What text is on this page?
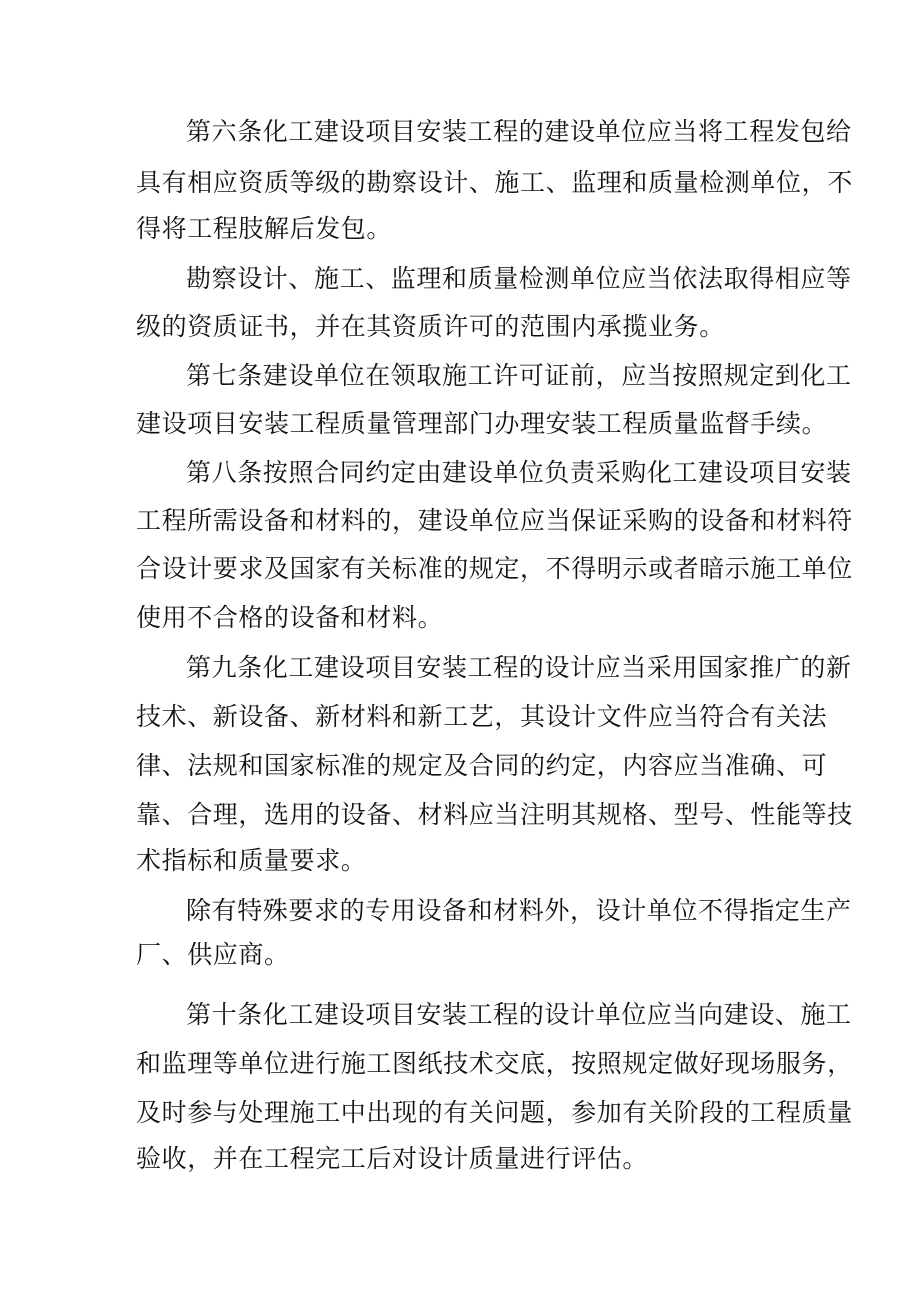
第六条化工建设项目安装工程的建设单位应当将工程发包给

具有相应资质等级的勘察设计、施工、监理和质量检测单位，不

得将工程肢解后发包。

勘察设计、施工、监理和质量检测单位应当依法取得相应等

级的资质证书，并在其资质许可的范围内承揽业务。

第七条建设单位在领取施工许可证前，应当按照规定到化工

建设项目安装工程质量管理部门办理安装工程质量监督手续。

第八条按照合同约定由建设单位负责采购化工建设项目安装

工程所需设备和材料的，建设单位应当保证采购的设备和材料符

合设计要求及国家有关标准的规定，不得明示或者暗示施工单位

使用不合格的设备和材料。

第九条化工建设项目安装工程的设计应当采用国家推广的新

技术、新设备、新材料和新工艺，其设计文件应当符合有关法

律、法规和国家标准的规定及合同的约定，内容应当准确、可

靠、合理，选用的设备、材料应当注明其规格、型号、性能等技

术指标和质量要求。

除有特殊要求的专用设备和材料外，设计单位不得指定生产

厂、供应商。

第十条化工建设项目安装工程的设计单位应当向建设、施工

和监理等单位进行施工图纸技术交底，按照规定做好现场服务，

及时参与处理施工中出现的有关问题，参加有关阶段的工程质量

验收，并在工程完工后对设计质量进行评估。
